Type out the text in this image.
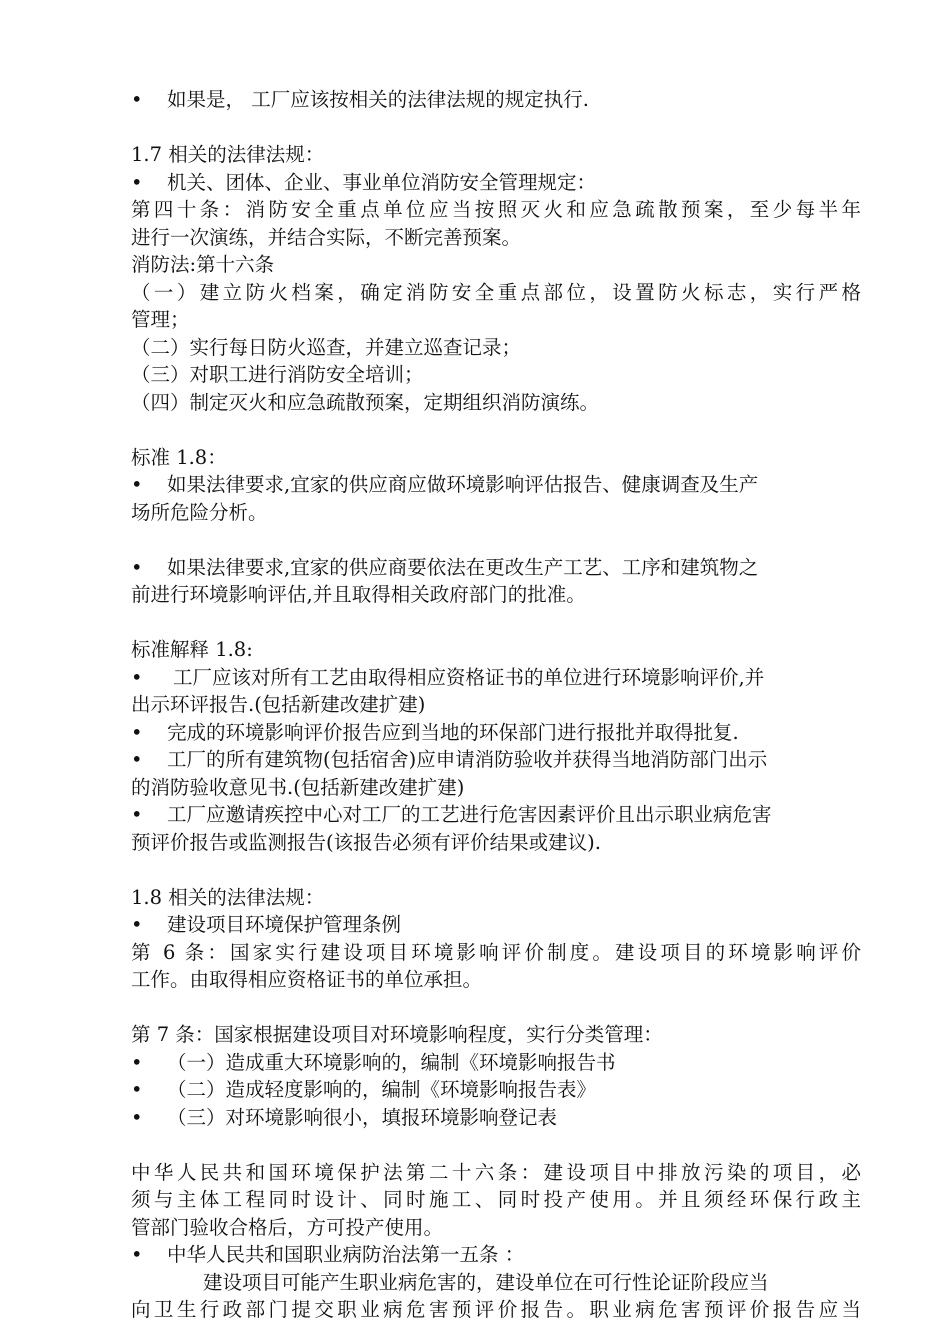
• 如果是， 工厂应该按相关的法律法规的规定执行.
1.7 相关的法律法规：
• 机关、团体、企业、事业单位消防安全管理规定：
第四十条：消防安全重点单位应当按照灭火和应急疏散预案，至少每半年
进行一次演练，并结合实际，不断完善预案。
消防法:第十六条
（一）建立防火档案，确定消防安全重点部位，设置防火标志，实行严格
管理；
（二）实行每日防火巡查，并建立巡查记录；
（三）对职工进行消防安全培训；
（四）制定灭火和应急疏散预案，定期组织消防演练。
标准 1.8：
• 如果法律要求,宜家的供应商应做环境影响评估报告、健康调查及生产
场所危险分析。
• 如果法律要求,宜家的供应商要依法在更改生产工艺、工序和建筑物之
前进行环境影响评估,并且取得相关政府部门的批准。
标准解释 1.8:
• 工厂应该对所有工艺由取得相应资格证书的单位进行环境影响评价,并
出示环评报告.(包括新建改建扩建)
• 完成的环境影响评价报告应到当地的环保部门进行报批并取得批复.
• 工厂的所有建筑物(包括宿舍)应申请消防验收并获得当地消防部门出示
的消防验收意见书.(包括新建改建扩建)
• 工厂应邀请疾控中心对工厂的工艺进行危害因素评价且出示职业病危害
预评价报告或监测报告(该报告必须有评价结果或建议).
1.8 相关的法律法规：
• 建设项目环境保护管理条例
第 6 条：国家实行建设项目环境影响评价制度。建设项目的环境影响评价
工作。由取得相应资格证书的单位承担。
第 7 条：国家根据建设项目对环境影响程度，实行分类管理：
• （一）造成重大环境影响的，编制《环境影响报告书
• （二）造成轻度影响的，编制《环境影响报告表》
• （三）对环境影响很小，填报环境影响登记表
中华人民共和国环境保护法第二十六条：建设项目中排放污染的项目，必
须与主体工程同时设计、同时施工、同时投产使用。并且须经环保行政主
管部门验收合格后，方可投产使用。
• 中华人民共和国职业病防治法第一五条 ：
建设项目可能产生职业病危害的，建设单位在可行性论证阶段应当
向卫生行政部门提交职业病危害预评价报告。职业病危害预评价报告应当
